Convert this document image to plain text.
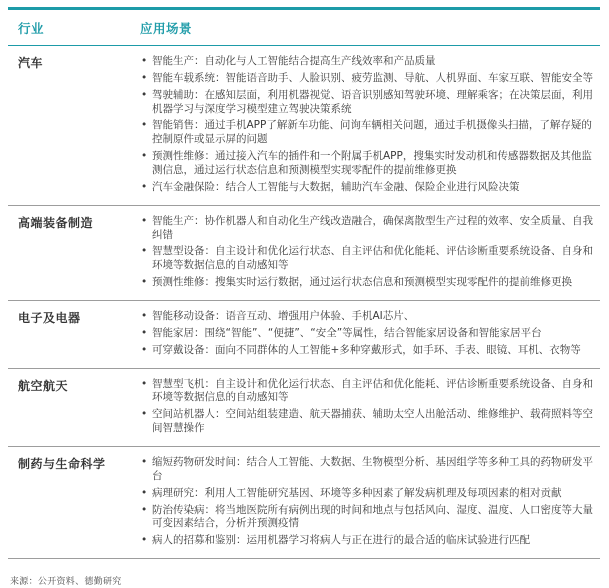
行业	应用场景
汽车	• 智能生产：自动化与人工智能结合提高生产线效率和产品质量
• 智能车载系统：智能语音助手、人脸识别、疲劳监测、导航、人机界面、车家互联、智能安全等
• 驾驶辅助：在感知层面，利用机器视觉、语音识别感知驾驶环境、理解乘客；在决策层面，利用机器学习与深度学习模型建立驾驶决策系统
• 智能销售：通过手机APP了解新车功能、问询车辆相关问题，通过手机摄像头扫描，了解存疑的控制原件或显示屏的问题
• 预测性维修：通过接入汽车的插件和一个附属手机APP，搜集实时发动机和传感器数据及其他监测信息，通过运行状态信息和预测模型实现零配件的提前维修更换
• 汽车金融保险：结合人工智能与大数据，辅助汽车金融、保险企业进行风险决策
高端装备制造	• 智能生产：协作机器人和自动化生产线改造融合，确保离散型生产过程的效率、安全质量、自我纠错
• 智慧型设备：自主设计和优化运行状态、自主评估和优化能耗、评估诊断重要系统设备、自身和环境等数据信息的自动感知等
• 预测性维修：搜集实时运行数据，通过运行状态信息和预测模型实现零配件的提前维修更换
电子及电器	• 智能移动设备：语音互动、增强用户体验、手机AI芯片、
• 智能家居：围绕“智能”、“便捷”、“安全”等属性，结合智能家居设备和智能家居平台
• 可穿戴设备：面向不同群体的人工智能+多种穿戴形式，如手环、手表、眼镜、耳机、衣物等
航空航天	• 智慧型飞机：自主设计和优化运行状态、自主评估和优化能耗、评估诊断重要系统设备、自身和环境等数据信息的自动感知等
• 空间站机器人：空间站组装建造、航天器捕获、辅助太空人出舱活动、维修维护、载荷照料等空间智慧操作
制药与生命科学	• 缩短药物研发时间：结合人工智能、大数据、生物模型分析、基因组学等多种工具的药物研发平台
• 病理研究：利用人工智能研究基因、环境等多种因素了解发病机理及每项因素的相对贡献
• 防治传染病：将当地医院所有病例出现的时间和地点与包括风向、湿度、温度、人口密度等大量可变因素结合，分析并预测疫情
• 病人的招募和鉴别：运用机器学习将病人与正在进行的最合适的临床试验进行匹配
来源：公开资料、德勤研究
